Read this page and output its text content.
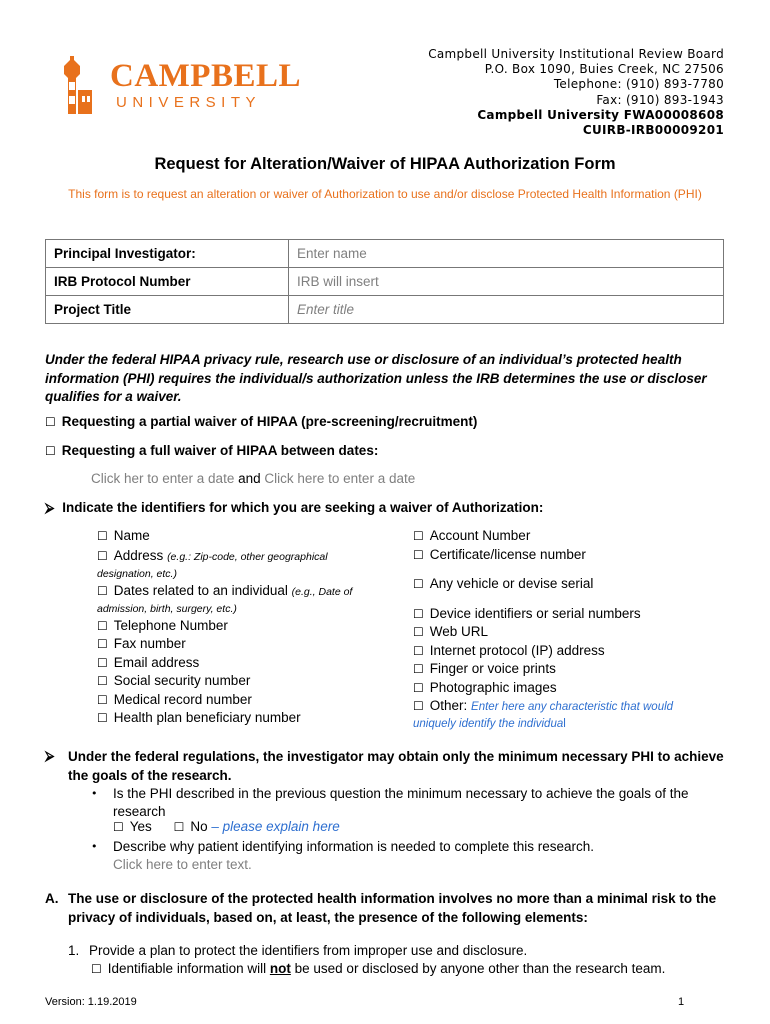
CAMPBELL
UNIVERSITY
Campbell University Institutional Review Board
P.O. Box 1090, Buies Creek, NC 27506
Telephone: (910) 893-7780
Fax: (910) 893-1943
Campbell University FWA00008608
CUIRB-IRB00009201
Request for Alteration/Waiver of HIPAA Authorization Form
This form is to request an alteration or waiver of Authorization to use and/or disclose Protected Health Information (PHI)
Principal Investigator:	Enter name
IRB Protocol Number	IRB will insert
Project Title	Enter title
Under the federal HIPAA privacy rule, research use or disclosure of an individual’s protected health information (PHI) requires the individual/s authorization unless the IRB determines the use or discloser qualifies for a waiver.
☐ Requesting a partial waiver of HIPAA (pre-screening/recruitment)
☐ Requesting a full waiver of HIPAA between dates:
Click her to enter a date and Click here to enter a date
⮚ Indicate the identifiers for which you are seeking a waiver of Authorization:
☐ Name
☐ Address (e.g.: Zip-code, other geographical
designation, etc.)
☐ Dates related to an individual (e.g., Date of
admission, birth, surgery, etc.)
☐ Telephone Number
☐ Fax number
☐ Email address
☐ Social security number
☐ Medical record number
☐ Health plan beneficiary number
☐ Account Number
☐ Certificate/license number
☐ Any vehicle or devise serial
☐ Device identifiers or serial numbers
☐ Web URL
☐ Internet protocol (IP) address
☐ Finger or voice prints
☐ Photographic images
☐ Other: Enter here any characteristic that would
uniquely identify the individual
⮚ Under the federal regulations, the investigator may obtain only the minimum necessary PHI to achieve the goals of the research.
• Is the PHI described in the previous question the minimum necessary to achieve the goals of the research
☐ Yes ☐ No – please explain here
• Describe why patient identifying information is needed to complete this research.
Click here to enter text.
A. The use or disclosure of the protected health information involves no more than a minimal risk to the privacy of individuals, based on, at least, the presence of the following elements:
1. Provide a plan to protect the identifiers from improper use and disclosure.
☐ Identifiable information will not be used or disclosed by anyone other than the research team.
Version: 1.19.2019	1
